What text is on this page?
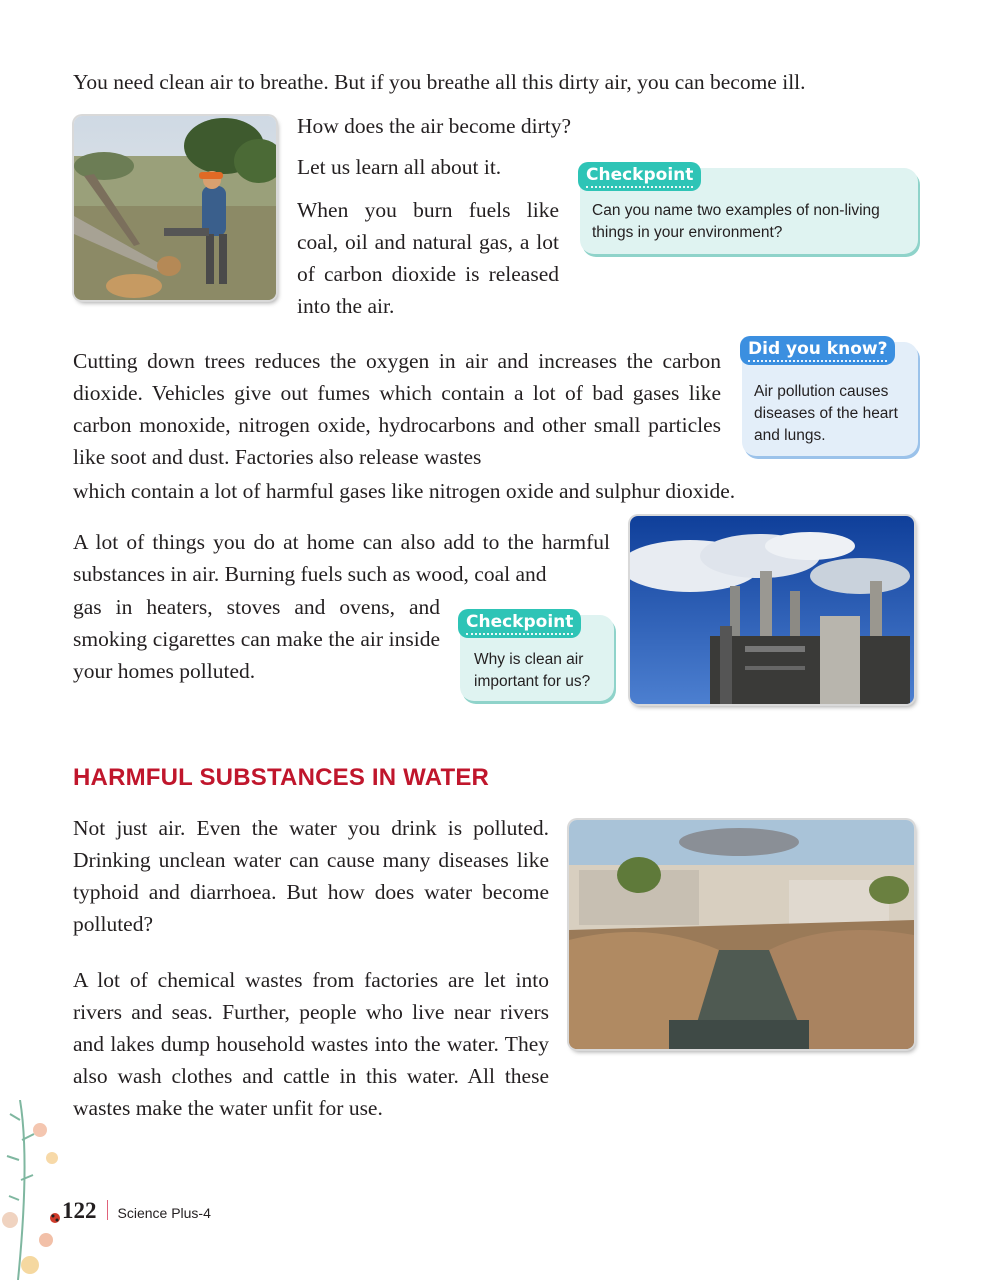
You need clean air to breathe. But if you breathe all this dirty air, you can become ill.

How does the air become dirty?

Let us learn all about it.

When you burn fuels like coal, oil and natural gas, a lot of carbon dioxide is released into the air.

Checkpoint
Can you name two examples of non-living things in your environment?

Cutting down trees reduces the oxygen in air and increases the carbon dioxide. Vehicles give out fumes which contain a lot of bad gases like carbon monoxide, nitrogen oxide, hydrocarbons and other small particles like soot and dust. Factories also release wastes

which contain a lot of harmful gases like nitrogen oxide and sulphur dioxide.

Did you know?
Air pollution causes diseases of the heart and lungs.

A lot of things you do at home can also add to the harmful substances in air. Burning fuels such as wood, coal and

gas in heaters, stoves and ovens, and smoking cigarettes can make the air inside your homes polluted.

Checkpoint
Why is clean air important for us?
HARMFUL SUBSTANCES IN WATER

Not just air. Even the water you drink is polluted. Drinking unclean water can cause many diseases like typhoid and diarrhoea. But how does water become polluted?

A lot of chemical wastes from factories are let into rivers and seas. Further, people who live near rivers and lakes dump household wastes into the water. They also wash clothes and cattle in this water. All these wastes make the water unfit for use.

122 Science Plus-4
